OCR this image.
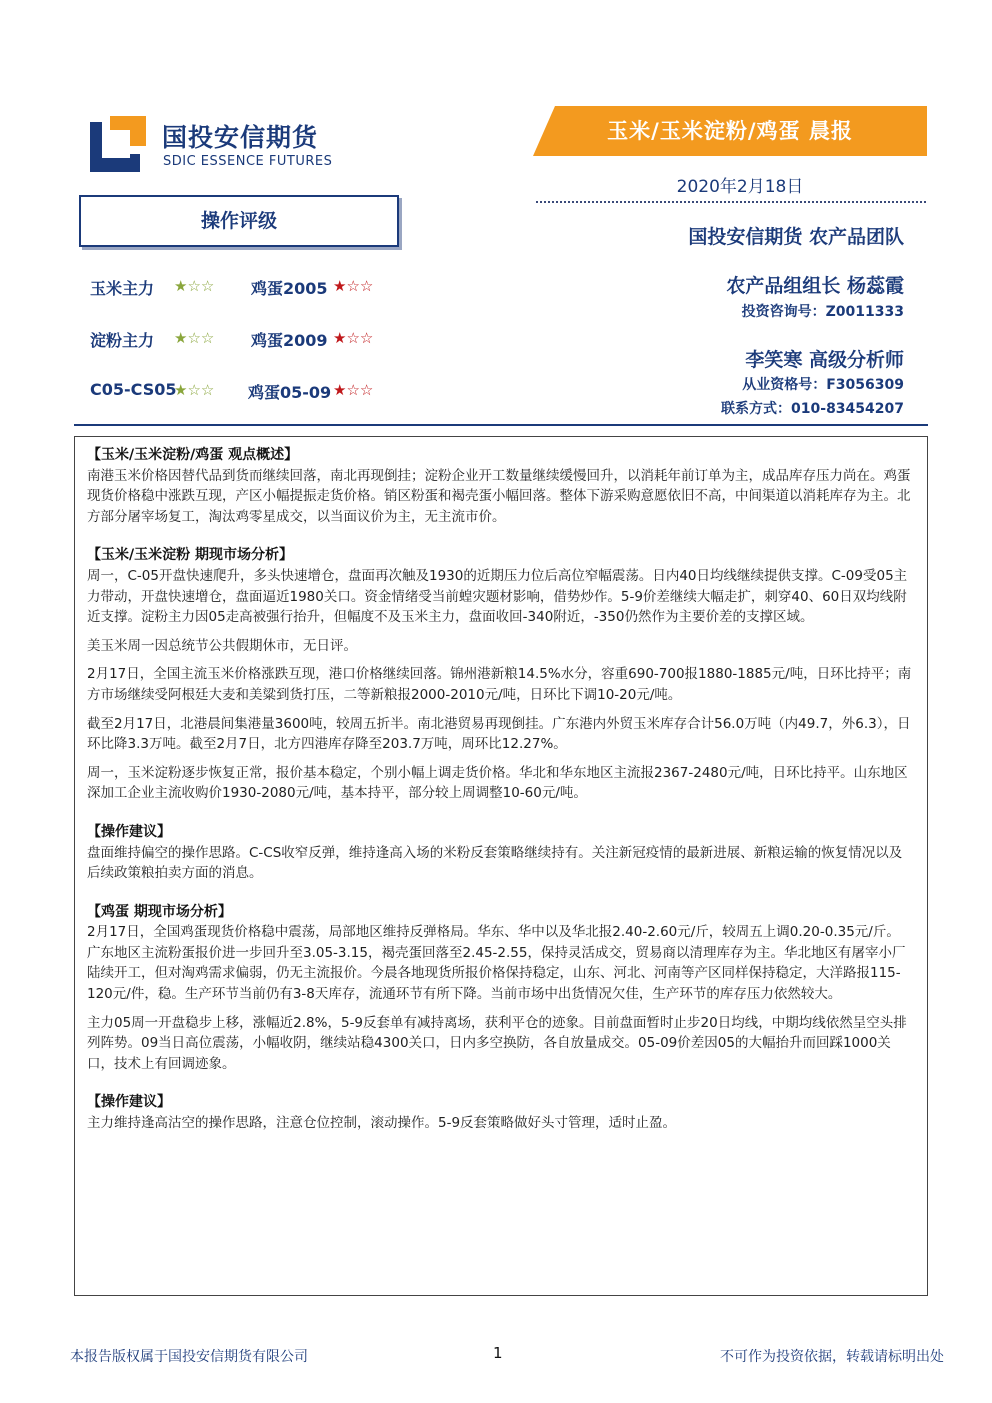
国投安信期货
SDIC ESSENCE FUTURES
玉米/玉米淀粉/鸡蛋 晨报
2020年2月18日
国投安信期货 农产品团队
农产品组组长 杨蕊霞
投资咨询号：Z0011333
李笑寒 高级分析师
从业资格号：F3056309
联系方式：010-83454207
操作评级
玉米主力 ★☆☆ 鸡蛋2005 ★☆☆
淀粉主力 ★☆☆ 鸡蛋2009 ★☆☆
C05-CS05
★☆☆ 鸡蛋05-09 ★☆☆
【玉米/玉米淀粉/鸡蛋 观点概述】

南港玉米价格因替代品到货而继续回落，南北再现倒挂；淀粉企业开工数量继续缓慢回升，以消耗年前订单为主，成品库存压力尚在。鸡蛋现货价格稳中涨跌互现，产区小幅提振走货价格。销区粉蛋和褐壳蛋小幅回落。整体下游采购意愿依旧不高，中间渠道以消耗库存为主。北方部分屠宰场复工，淘汰鸡零星成交，以当面议价为主，无主流市价。

【玉米/玉米淀粉 期现市场分析】

周一，C-05开盘快速爬升，多头快速增仓，盘面再次触及1930的近期压力位后高位窄幅震荡。日内40日均线继续提供支撑。C-09受05主力带动，开盘快速增仓，盘面逼近1980关口。资金情绪受当前蝗灾题材影响，借势炒作。5-9价差继续大幅走扩，刺穿40、60日双均线附近支撑。淀粉主力因05走高被强行抬升，但幅度不及玉米主力，盘面收回-340附近，-350仍然作为主要价差的支撑区域。

美玉米周一因总统节公共假期休市，无日评。

2月17日，全国主流玉米价格涨跌互现，港口价格继续回落。锦州港新粮14.5%水分，容重690-700报1880-1885元/吨，日环比持平；南方市场继续受阿根廷大麦和美粱到货打压，二等新粮报2000-2010元/吨，日环比下调10-20元/吨。

截至2月17日，北港晨间集港量3600吨，较周五折半。南北港贸易再现倒挂。广东港内外贸玉米库存合计56.0万吨（内49.7，外6.3），日环比降3.3万吨。截至2月7日，北方四港库存降至203.7万吨，周环比12.27%。

周一，玉米淀粉逐步恢复正常，报价基本稳定，个别小幅上调走货价格。华北和华东地区主流报2367-2480元/吨，日环比持平。山东地区深加工企业主流收购价1930-2080元/吨，基本持平，部分较上周调整10-60元/吨。

【操作建议】

盘面维持偏空的操作思路。C-CS收窄反弹，维持逢高入场的米粉反套策略继续持有。关注新冠疫情的最新进展、新粮运输的恢复情况以及后续政策粮拍卖方面的消息。

【鸡蛋 期现市场分析】

2月17日，全国鸡蛋现货价格稳中震荡，局部地区维持反弹格局。华东、华中以及华北报2.40-2.60元/斤，较周五上调0.20-0.35元/斤。广东地区主流粉蛋报价进一步回升至3.05-3.15，褐壳蛋回落至2.45-2.55，保持灵活成交，贸易商以清理库存为主。华北地区有屠宰小厂陆续开工，但对淘鸡需求偏弱，仍无主流报价。今晨各地现货所报价格保持稳定，山东、河北、河南等产区同样保持稳定，大洋路报115-120元/件，稳。生产环节当前仍有3-8天库存，流通环节有所下降。当前市场中出货情况欠佳，生产环节的库存压力依然较大。

主力05周一开盘稳步上移，涨幅近2.8%，5-9反套单有减持离场，获利平仓的迹象。目前盘面暂时止步20日均线，中期均线依然呈空头排列阵势。09当日高位震荡，小幅收阴，继续站稳4300关口，日内多空换防，各自放量成交。05-09价差因05的大幅抬升而回踩1000关口，技术上有回调迹象。

【操作建议】

主力维持逢高沽空的操作思路，注意仓位控制，滚动操作。5-9反套策略做好头寸管理，适时止盈。

本报告版权属于国投安信期货有限公司	1	不可作为投资依据，转载请标明出处
